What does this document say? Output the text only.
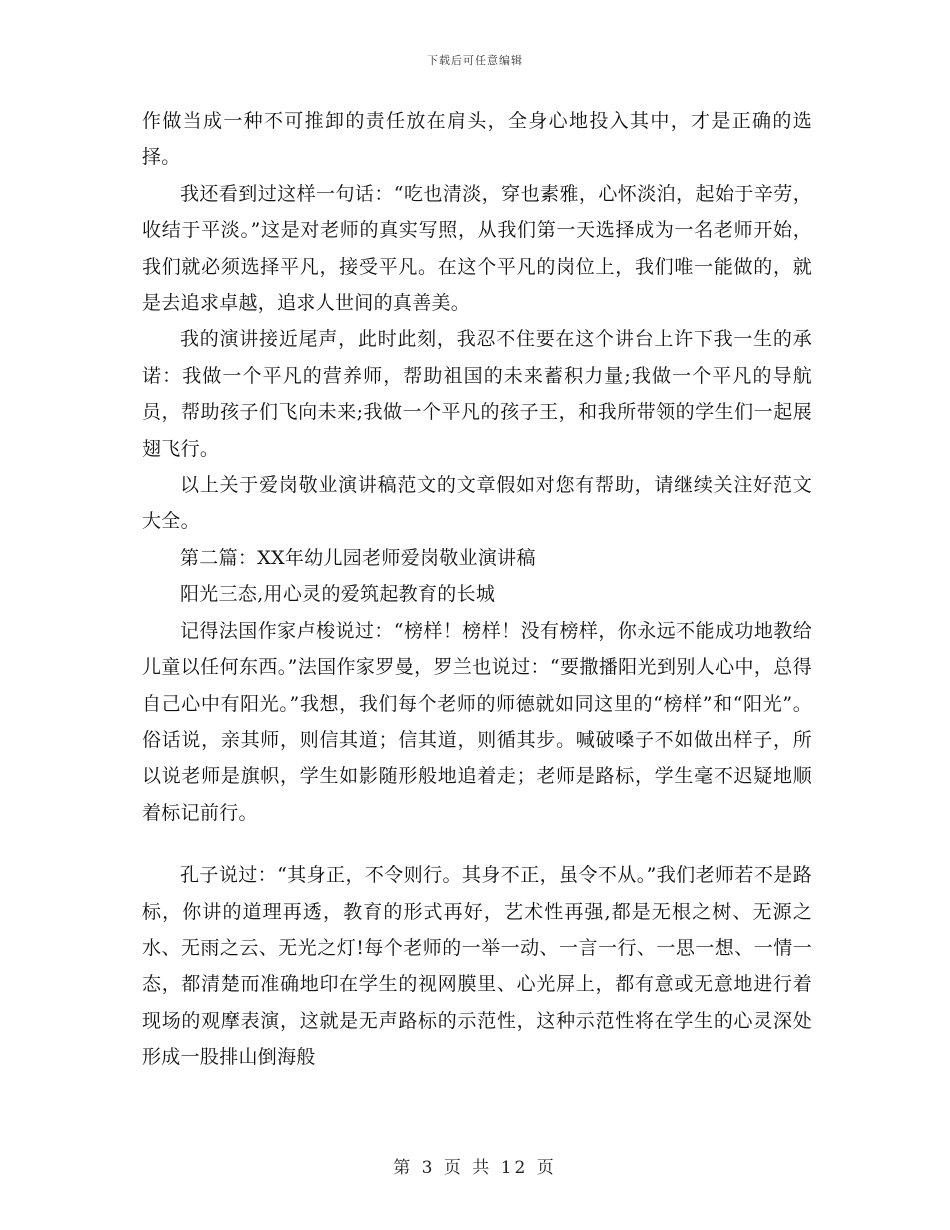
下载后可任意编辑

作做当成一种不可推卸的责任放在肩头，全身心地投入其中，才是正确的选择。

我还看到过这样一句话：“吃也清淡，穿也素雅，心怀淡泊，起始于辛劳，收结于平淡。”这是对老师的真实写照，从我们第一天选择成为一名老师开始，我们就必须选择平凡，接受平凡。在这个平凡的岗位上，我们唯一能做的，就是去追求卓越，追求人世间的真善美。

我的演讲接近尾声，此时此刻，我忍不住要在这个讲台上许下我一生的承诺：我做一个平凡的营养师，帮助祖国的未来蓄积力量;我做一个平凡的导航员，帮助孩子们飞向未来;我做一个平凡的孩子王，和我所带领的学生们一起展翅飞行。

以上关于爱岗敬业演讲稿范文的文章假如对您有帮助，请继续关注好范文大全。

第二篇：XX年幼儿园老师爱岗敬业演讲稿

阳光三态,用心灵的爱筑起教育的长城

记得法国作家卢梭说过：“榜样！榜样！没有榜样，你永远不能成功地教给儿童以任何东西。”法国作家罗曼，罗兰也说过：“要撒播阳光到别人心中，总得自己心中有阳光。”我想，我们每个老师的师德就如同这里的“榜样”和“阳光”。俗话说，亲其师，则信其道；信其道，则循其步。喊破嗓子不如做出样子，所以说老师是旗帜，学生如影随形般地追着走；老师是路标，学生毫不迟疑地顺着标记前行。

孔子说过：“其身正，不令则行。其身不正，虽令不从。”我们老师若不是路标，你讲的道理再透，教育的形式再好，艺术性再强,都是无根之树、无源之水、无雨之云、无光之灯!每个老师的一举一动、一言一行、一思一想、一情一态，都清楚而准确地印在学生的视网膜里、心光屏上，都有意或无意地进行着现场的观摩表演，这就是无声路标的示范性，这种示范性将在学生的心灵深处形成一股排山倒海般

第 3 页 共 12 页
